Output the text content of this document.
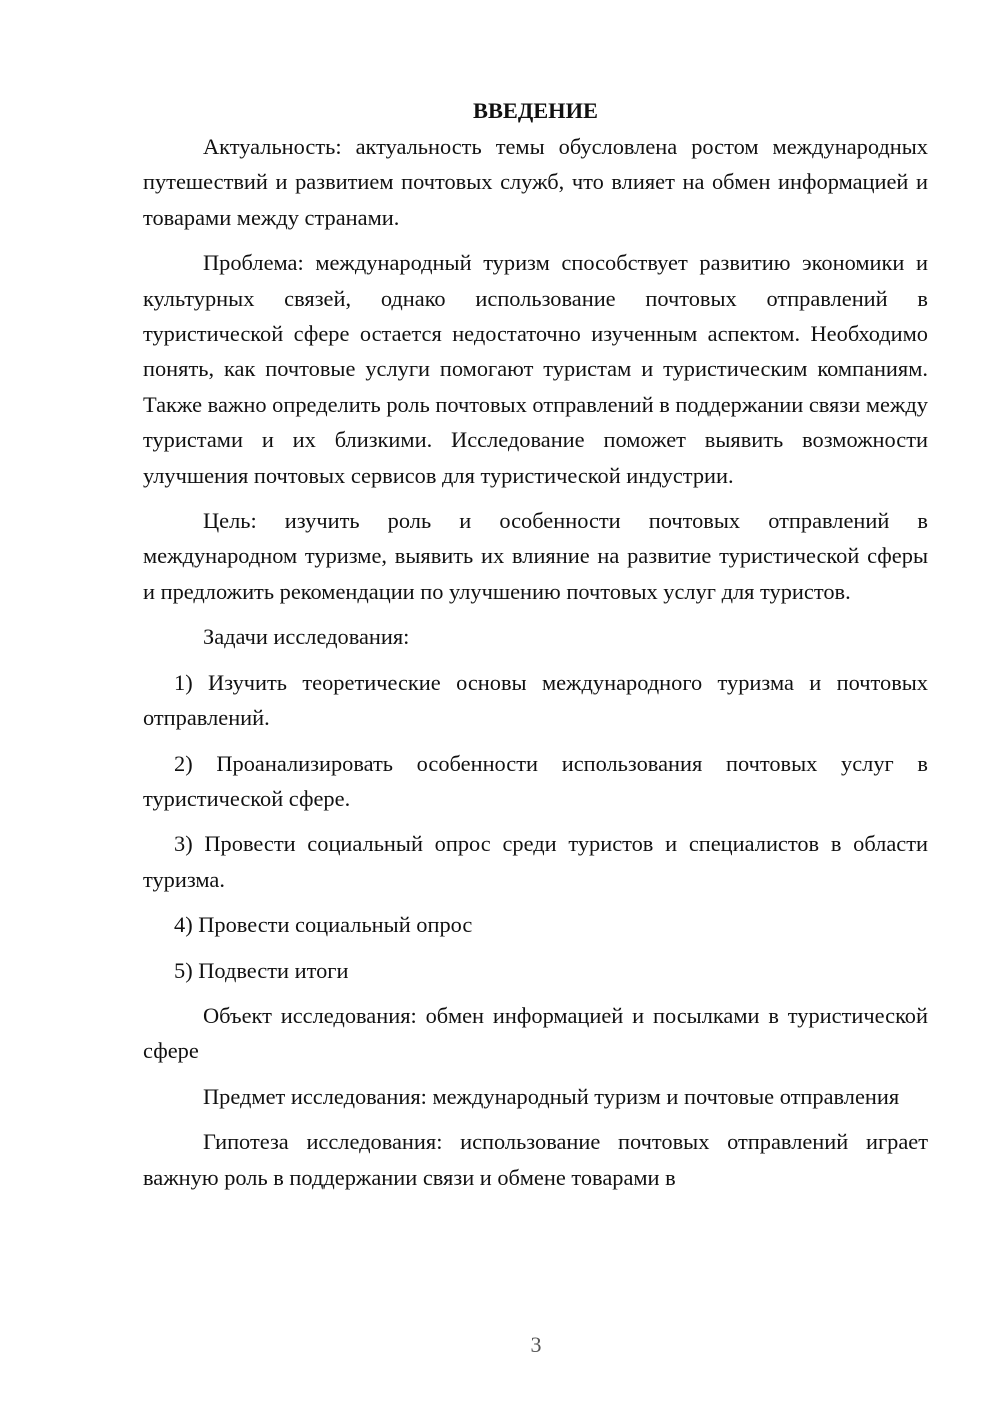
ВВЕДЕНИЕ

Актуальность: актуальность темы обусловлена ростом международных путешествий и развитием почтовых служб, что влияет на обмен информацией и товарами между странами.

Проблема: международный туризм способствует развитию экономики и культурных связей, однако использование почтовых отправлений в туристической сфере остается недостаточно изученным аспектом. Необходимо понять, как почтовые услуги помогают туристам и туристическим компаниям. Также важно определить роль почтовых отправлений в поддержании связи между туристами и их близкими. Исследование поможет выявить возможности улучшения почтовых сервисов для туристической индустрии.

Цель: изучить роль и особенности почтовых отправлений в международном туризме, выявить их влияние на развитие туристической сферы и предложить рекомендации по улучшению почтовых услуг для туристов.

Задачи исследования:

1) Изучить теоретические основы международного туризма и почтовых отправлений.

2) Проанализировать особенности использования почтовых услуг в туристической сфере.

3) Провести социальный опрос среди туристов и специалистов в области туризма.

4) Провести социальный опрос

5) Подвести итоги

Объект исследования: обмен информацией и посылками в туристической сфере

Предмет исследования: международный туризм и почтовые отправления

Гипотеза исследования: использование почтовых отправлений играет важную роль в поддержании связи и обмене товарами в

3
